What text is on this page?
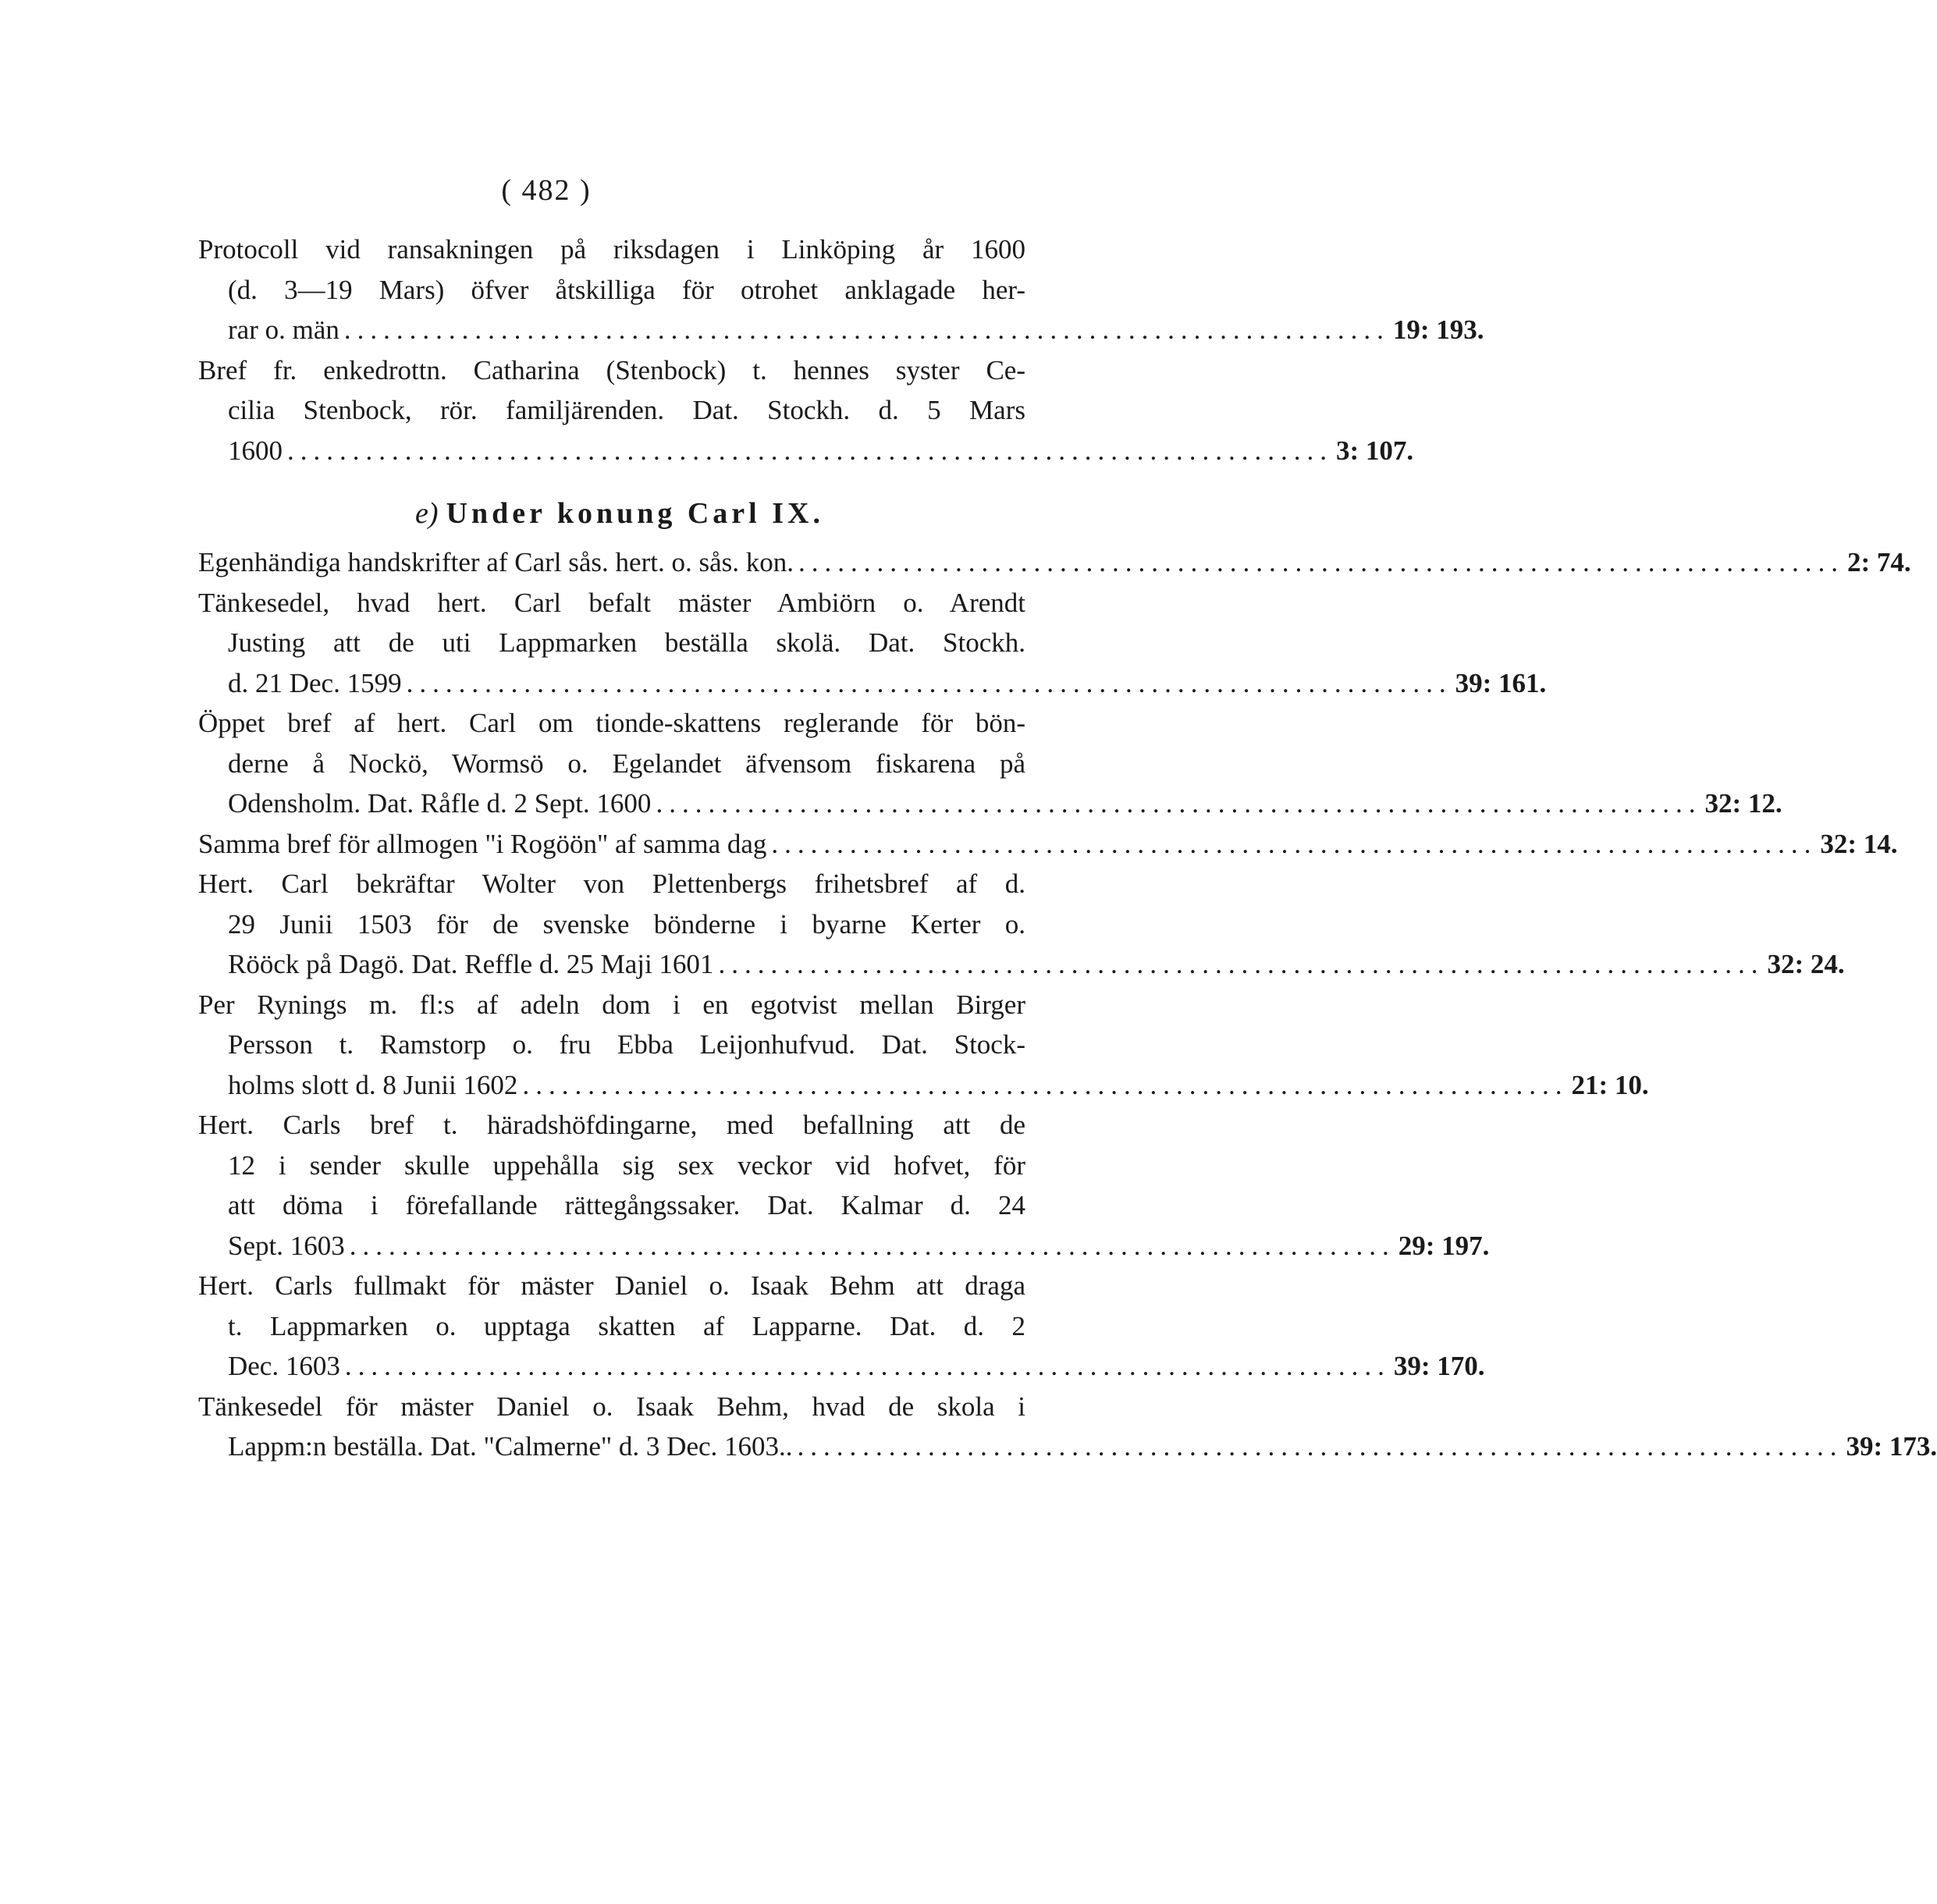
( 482 )
Protocoll vid ransakningen på riksdagen i Linköping år 1600
(d. 3—19 Mars) öfver åtskilliga för otrohet anklagade her-
rar o. män ................................................................................ 19: 193.
Bref fr. enkedrottn. Catharina (Stenbock) t. hennes syster Ce-
cilia Stenbock, rör. familjärenden. Dat. Stockh. d. 5 Mars
1600 ................................................................................ 3: 107.
e) Under konung Carl IX.
Egenhändiga handskrifter af Carl sås. hert. o. sås. kon. ................................................................................ 2: 74.
Tänkesedel, hvad hert. Carl befalt mäster Ambiörn o. Arendt
Justing att de uti Lappmarken beställa skolä. Dat. Stockh.
d. 21 Dec. 1599 ................................................................................ 39: 161.
Öppet bref af hert. Carl om tionde-skattens reglerande för bön-
derne å Nockö, Wormsö o. Egelandet äfvensom fiskarena på
Odensholm. Dat. Råfle d. 2 Sept. 1600 ................................................................................ 32: 12.
Samma bref för allmogen "i Rogöön" af samma dag ................................................................................ 32: 14.
Hert. Carl bekräftar Wolter von Plettenbergs frihetsbref af d.
29 Junii 1503 för de svenske bönderne i byarne Kerter o.
Rööck på Dagö. Dat. Reffle d. 25 Maji 1601 ................................................................................ 32: 24.
Per Rynings m. fl:s af adeln dom i en egotvist mellan Birger
Persson t. Ramstorp o. fru Ebba Leijonhufvud. Dat. Stock-
holms slott d. 8 Junii 1602 ................................................................................ 21: 10.
Hert. Carls bref t. häradshöfdingarne, med befallning att de
12 i sender skulle uppehålla sig sex veckor vid hofvet, för
att döma i förefallande rättegångssaker. Dat. Kalmar d. 24
Sept. 1603 ................................................................................ 29: 197.
Hert. Carls fullmakt för mäster Daniel o. Isaak Behm att draga
t. Lappmarken o. upptaga skatten af Lapparne. Dat. d. 2
Dec. 1603 ................................................................................ 39: 170.
Tänkesedel för mäster Daniel o. Isaak Behm, hvad de skola i
Lappm:n beställa. Dat. "Calmerne" d. 3 Dec. 1603.. ................................................................................ 39: 173.
